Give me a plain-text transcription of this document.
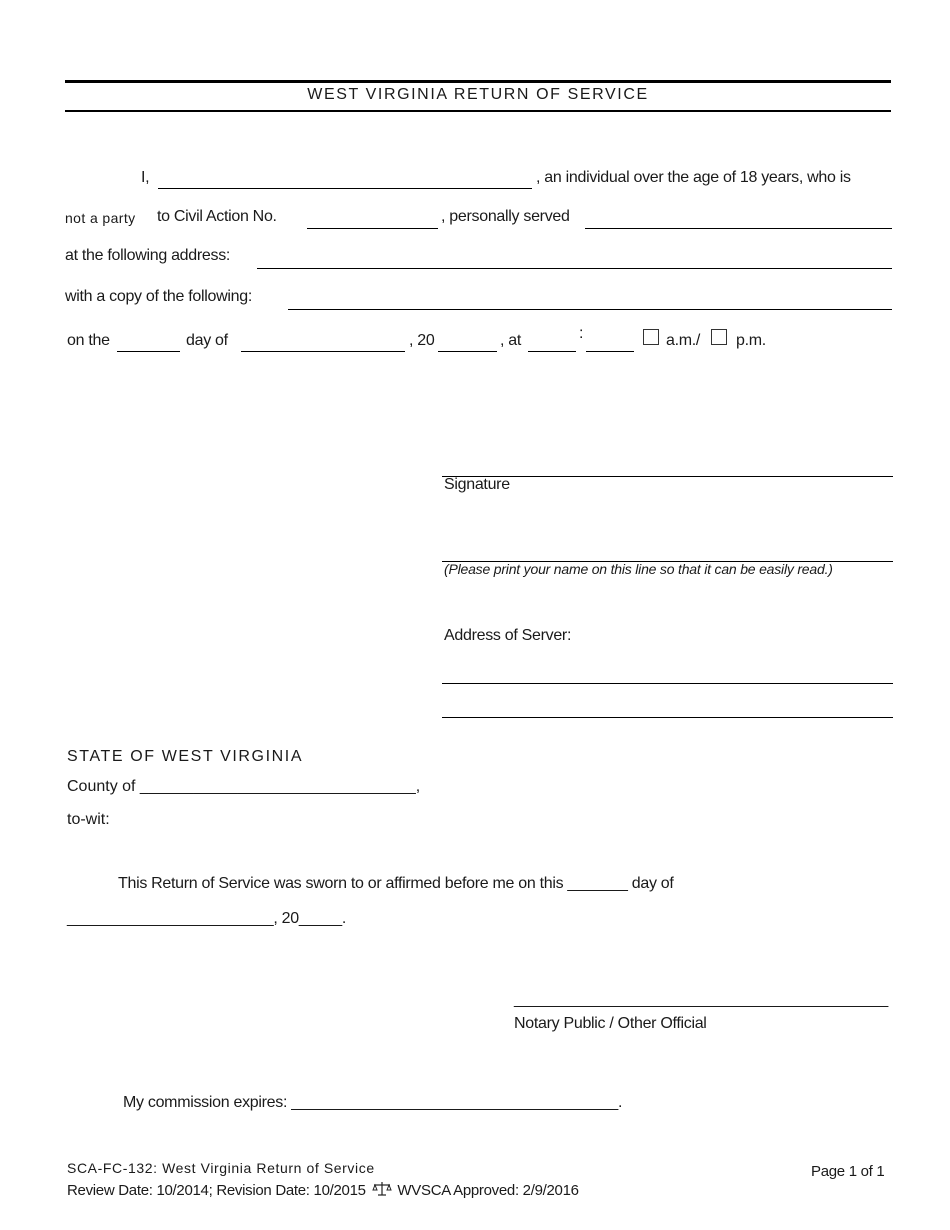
WEST VIRGINIA RETURN OF SERVICE
I,	, an individual over the age of 18 years, who is
not a party to Civil Action No.	, personally served
at the following address:
with a copy of the following:
on the	day of	, 20	, at	:	a.m./ p.m.
Signature
(Please print your name on this line so that it can be easily read.)
Address of Server:
STATE OF WEST VIRGINIA
County of _______________________________,
to-wit:
This Return of Service was sworn to or affirmed before me on this _______ day of
________________________, 20_____.
____________________________________________
Notary Public / Other Official
My commission expires: ______________________________________.
SCA-FC-132: West Virginia Return of Service	Page 1 of 1
Review Date: 10/2014; Revision Date: 10/2015 WVSCA Approved: 2/9/2016
